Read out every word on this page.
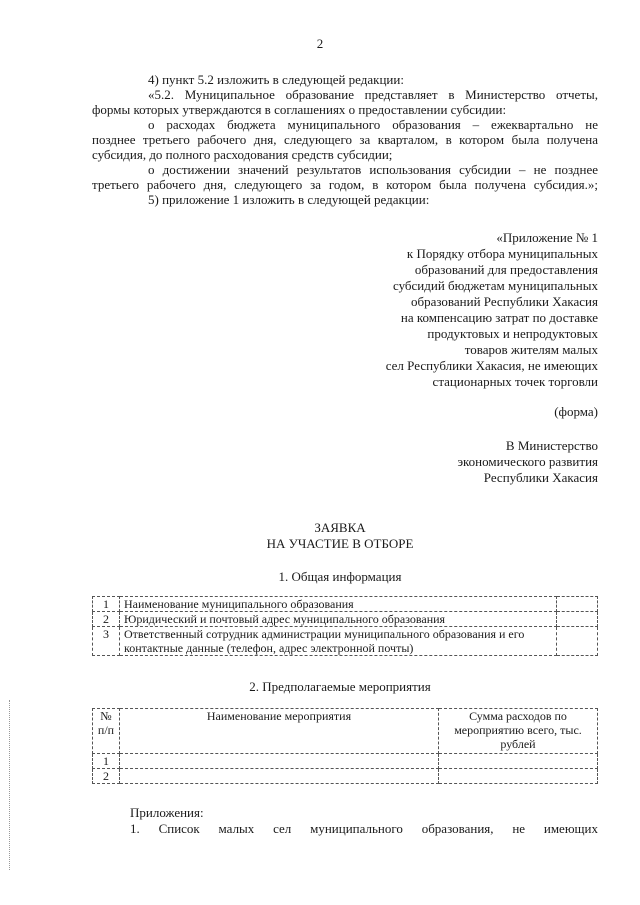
2
4) пункт 5.2 изложить в следующей редакции:
«5.2. Муниципальное образование представляет в Министерство отчеты,
формы которых утверждаются в соглашениях о предоставлении субсидии:
о расходах бюджета муниципального образования – ежеквартально не
позднее третьего рабочего дня, следующего за кварталом, в котором была получена
субсидия, до полного расходования средств субсидии;
о достижении значений результатов использования субсидии – не позднее
третьего рабочего дня, следующего за годом, в котором была получена субсидия.»;
5) приложение 1 изложить в следующей редакции:
«Приложение № 1
к Порядку отбора муниципальных
образований для предоставления
субсидий бюджетам муниципальных
образований Республики Хакасия
на компенсацию затрат по доставке
продуктовых и непродуктовых
товаров жителям малых
сел Республики Хакасия, не имеющих
стационарных точек торговли
(форма)
В Министерство
экономического развития
Республики Хакасия
ЗАЯВКА
НА УЧАСТИЕ В ОТБОРЕ
1. Общая информация
1	Наименование муниципального образования	
2	Юридический и почтовый адрес муниципального образования	
3	Ответственный сотрудник администрации муниципального образования и его контактные данные (телефон, адрес электронной почты)	
2. Предполагаемые мероприятия
№ п/п	Наименование мероприятия	Сумма расходов по мероприятию всего, тыс. рублей
1		
2		
Приложения:
1. Список малых сел муниципального образования, не имеющих
